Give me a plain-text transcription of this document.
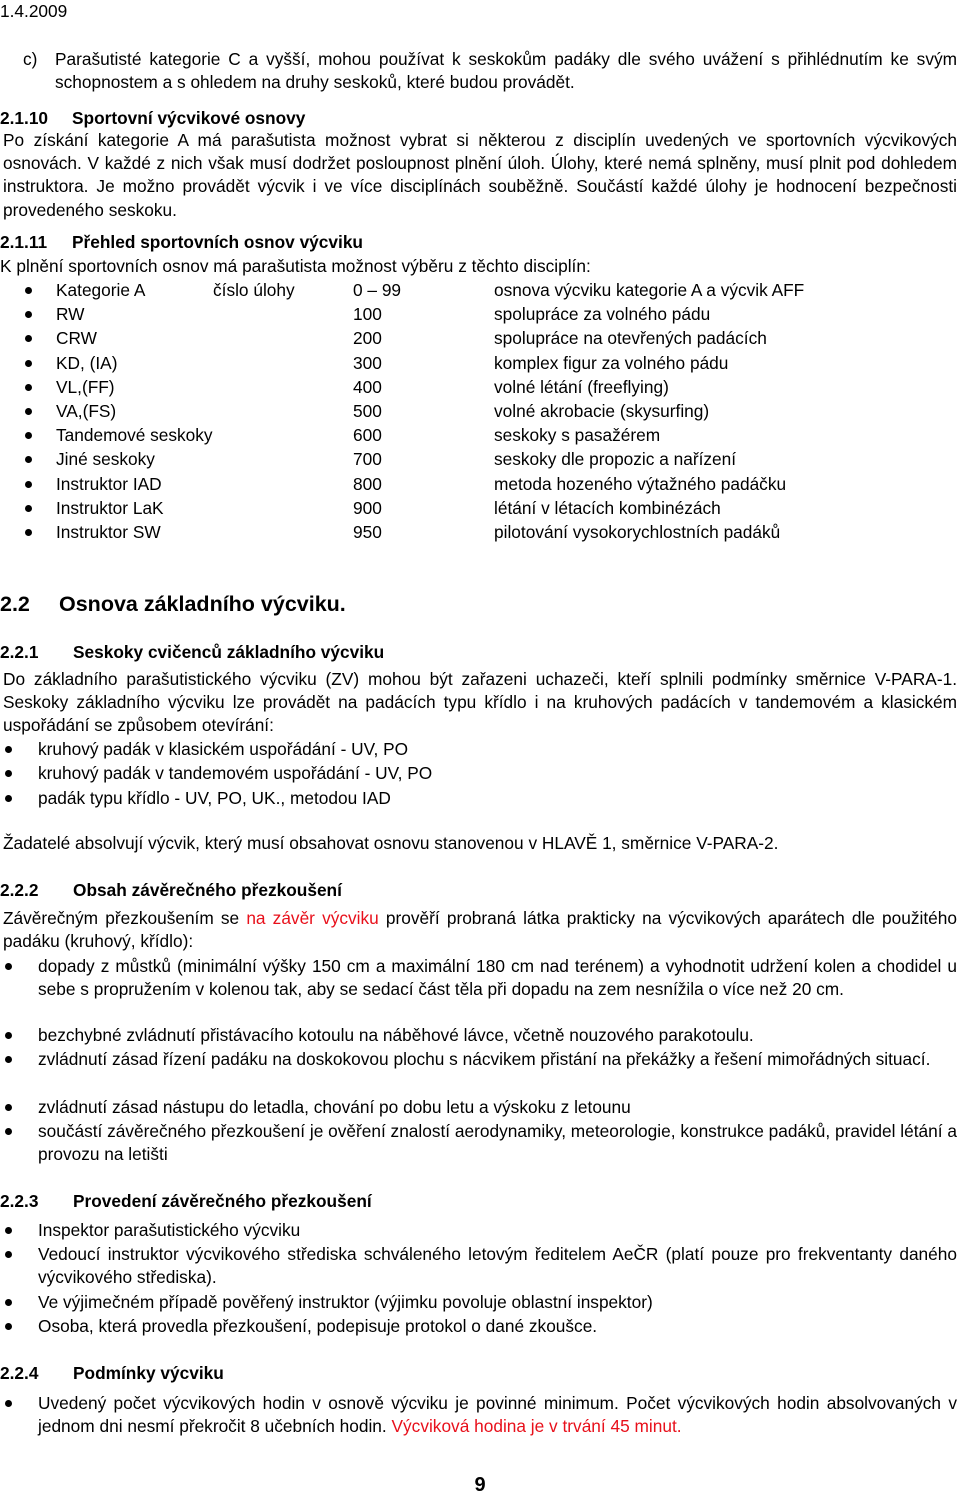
1.4.2009
c) Parašutisté kategorie C a vyšší, mohou používat k seskokům padáky dle svého uvážení s přihlédnutím ke svým schopnostem a s ohledem na druhy seskoků, které budou provádět.
2.1.10 Sportovní výcvikové osnovy
Po získání kategorie A má parašutista možnost vybrat si některou z disciplín uvedených ve sportovních výcvikových osnovách. V každé z nich však musí dodržet posloupnost plnění úloh. Úlohy, které nemá splněny, musí plnit pod dohledem instruktora. Je možno provádět výcvik i ve více disciplínách souběžně. Součástí každé úlohy je hodnocení bezpečnosti provedeného seskoku.
2.1.11 Přehled sportovních osnov výcviku
K plnění sportovních osnov má parašutista možnost výběru z těchto disciplín:
Kategorie A	číslo úlohy	0 – 99	osnova výcviku kategorie A a výcvik AFF
RW	100	spolupráce za volného pádu
CRW	200	spolupráce na otevřených padácích
KD, (IA)	300	komplex figur za volného pádu
VL,(FF)	400	volné létání (freeflying)
VA,(FS)	500	volné akrobacie (skysurfing)
Tandemové seskoky	600	seskoky s pasažérem
Jiné seskoky	700	seskoky dle propozic a nařízení
Instruktor IAD	800	metoda hozeného výtažného padáčku
Instruktor LaK	900	létání v létacích kombinézách
Instruktor SW	950	pilotování vysokorychlostních padáků
2.2 Osnova základního výcviku.
2.2.1 Seskoky cvičenců základního výcviku
Do základního parašutistického výcviku (ZV) mohou být zařazeni uchazeči, kteří splnili podmínky směrnice V-PARA-1. Seskoky základního výcviku lze provádět na padácích typu křídlo i na kruhových padácích v tandemovém a klasickém uspořádání se způsobem otevírání:
kruhový padák v klasickém uspořádání - UV, PO
kruhový padák v tandemovém uspořádání - UV, PO
padák typu křídlo - UV, PO, UK., metodou IAD
Žadatelé absolvují výcvik, který musí obsahovat osnovu stanovenou v HLAVĚ 1, směrnice V-PARA-2.
2.2.2 Obsah závěrečného přezkoušení
Závěrečným přezkoušením se na závěr výcviku prověří probraná látka prakticky na výcvikových aparátech dle použitého padáku (kruhový, křídlo):
dopady z můstků (minimální výšky 150 cm a maximální 180 cm nad terénem) a vyhodnotit udržení kolen a chodidel u sebe s propružením v kolenou tak, aby se sedací část těla při dopadu na zem nesnížila o více než 20 cm.
bezchybné zvládnutí přistávacího kotoulu na náběhové lávce, včetně nouzového parakotoulu.
zvládnutí zásad řízení padáku na doskokovou plochu s nácvikem přistání na překážky a řešení mimořádných situací.
zvládnutí zásad nástupu do letadla, chování po dobu letu a výskoku z letounu
součástí závěrečného přezkoušení je ověření znalostí aerodynamiky, meteorologie, konstrukce padáků, pravidel létání a provozu na letišti
2.2.3 Provedení závěrečného přezkoušení
Inspektor parašutistického výcviku
Vedoucí instruktor výcvikového střediska schváleného letovým ředitelem AeČR (platí pouze pro frekventanty daného výcvikového střediska).
Ve výjimečném případě pověřený instruktor (výjimku povoluje oblastní inspektor)
Osoba, která provedla přezkoušení, podepisuje protokol o dané zkoušce.
2.2.4 Podmínky výcviku
Uvedený počet výcvikových hodin v osnově výcviku je povinné minimum. Počet výcvikových hodin absolvovaných v jednom dni nesmí překročit 8 učebních hodin. Výcviková hodina je v trvání 45 minut.
9
